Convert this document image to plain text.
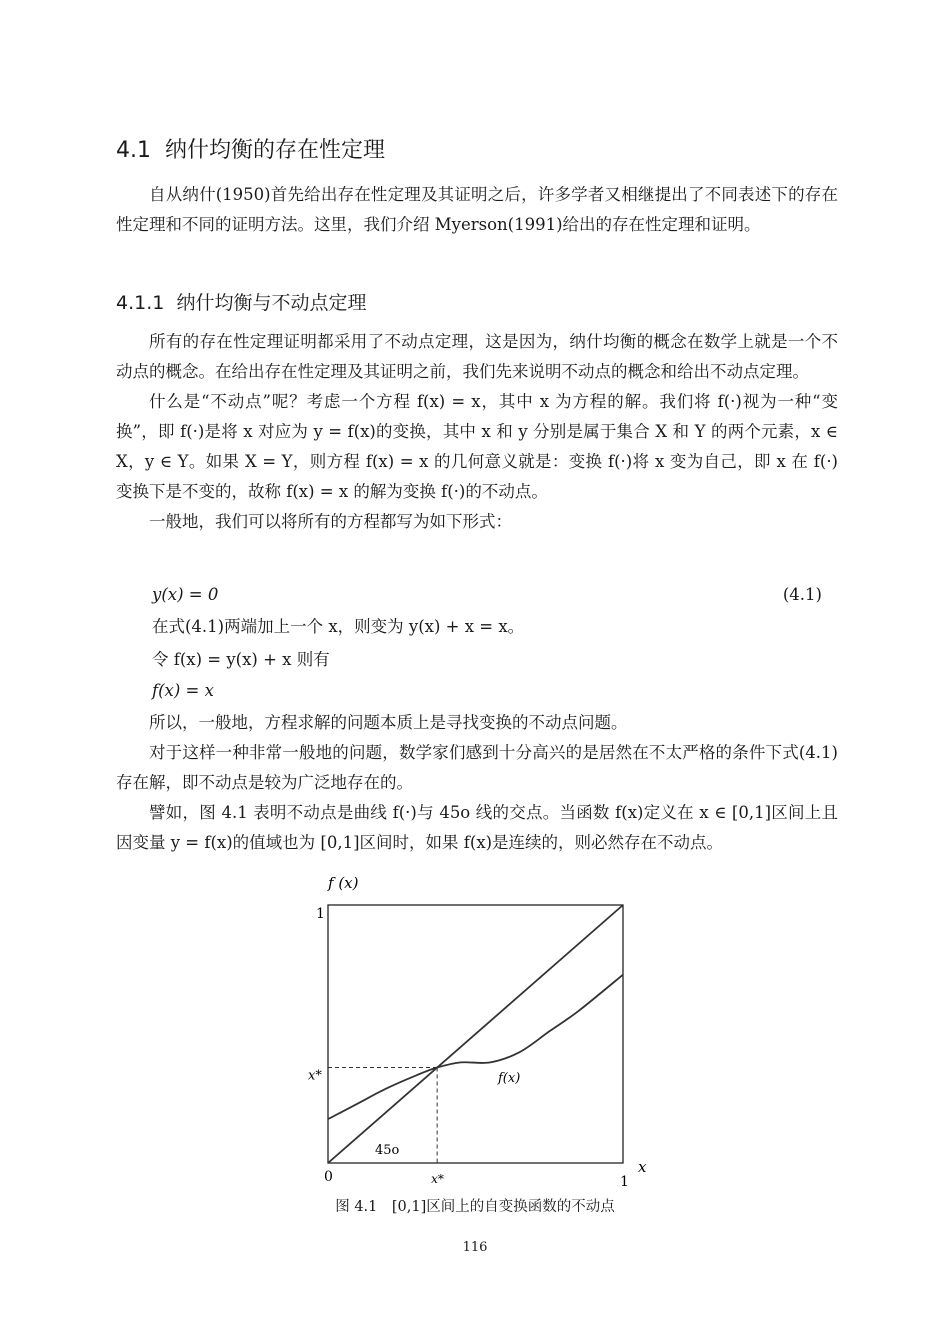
4.1 纳什均衡的存在性定理

自从纳什(1950)首先给出存在性定理及其证明之后，许多学者又相继提出了不同表述下的存在性定理和不同的证明方法。这里，我们介绍 Myerson(1991)给出的存在性定理和证明。

4.1.1 纳什均衡与不动点定理

所有的存在性定理证明都采用了不动点定理，这是因为，纳什均衡的概念在数学上就是一个不动点的概念。在给出存在性定理及其证明之前，我们先来说明不动点的概念和给出不动点定理。

什么是“不动点”呢？考虑一个方程 f(x) = x，其中 x 为方程的解。我们将 f(·)视为一种“变换”，即 f(·)是将 x 对应为 y = f(x)的变换，其中 x 和 y 分别是属于集合 X 和 Y 的两个元素，x ∈ X，y ∈ Y。如果 X = Y，则方程 f(x) = x 的几何意义就是：变换 f(·)将 x 变为自己，即 x 在 f(·)变换下是不变的，故称 f(x) = x 的解为变换 f(·)的不动点。

一般地，我们可以将所有的方程都写为如下形式：

y(x) = 0	(4.1)
在式(4.1)两端加上一个 x，则变为 y(x) + x = x。
令 f(x) = y(x) + x 则有
f(x) = x

所以，一般地，方程求解的问题本质上是寻找变换的不动点问题。

对于这样一种非常一般地的问题，数学家们感到十分高兴的是居然在不太严格的条件下式(4.1)存在解，即不动点是较为广泛地存在的。

譬如，图 4.1 表明不动点是曲线 f(·)与 45ο 线的交点。当函数 f(x)定义在 x ∈ [0,1]区间上且因变量 y = f(x)的值域也为 [0,1]区间时，如果 f(x)是连续的，则必然存在不动点。

f (x)
x
1
0	1
x*
x*	f(x)
45ο
图 4.1　[0,1]区间上的自变换函数的不动点
116
